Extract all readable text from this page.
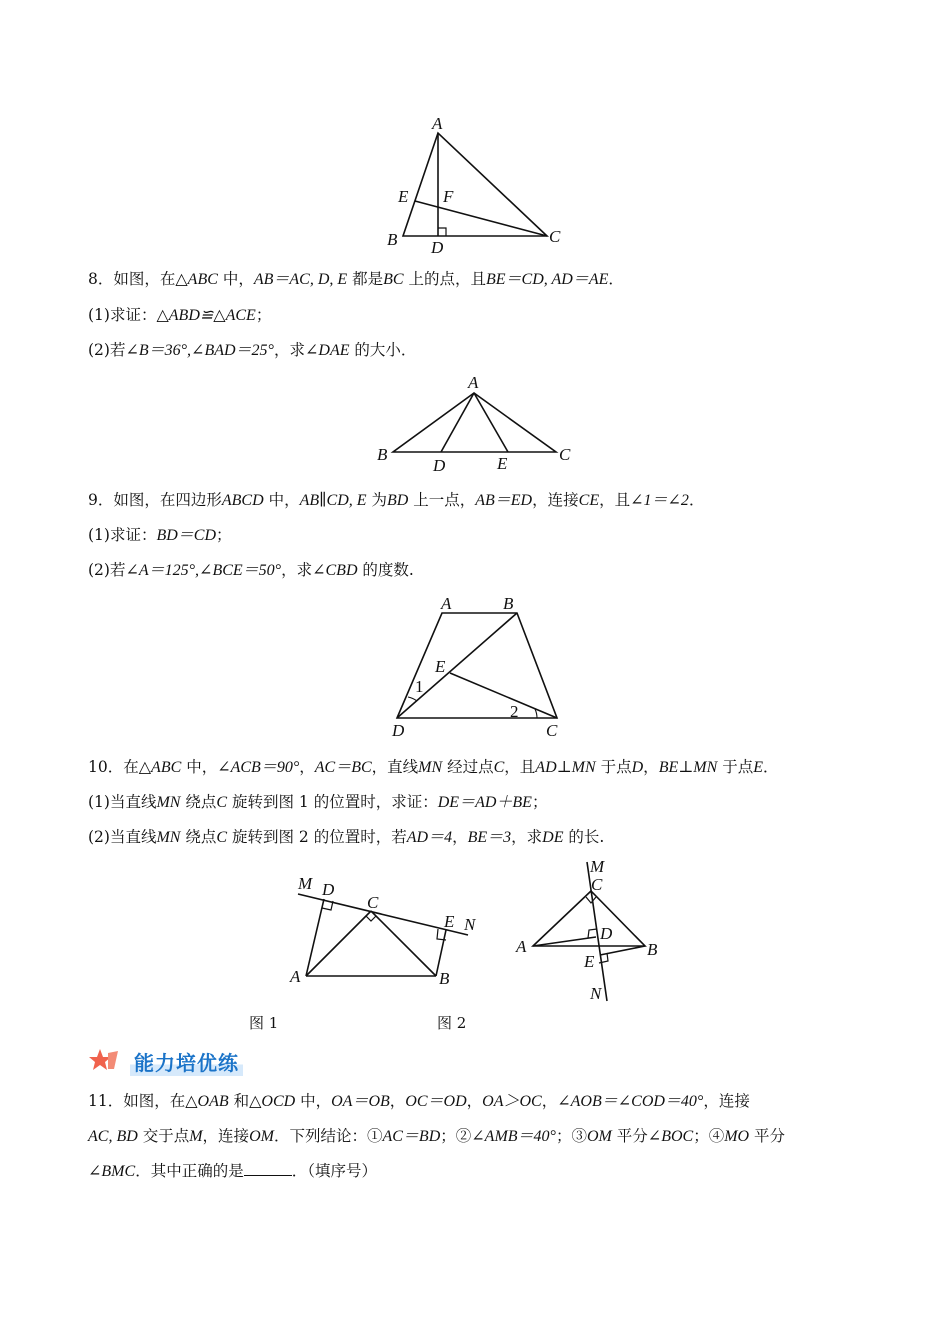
A
B	C
D
E F
8．如图，在△ABC 中，AB＝AC, D, E 都是BC 上的点，且BE＝CD, AD＝AE．
(1)求证：△ABD≌△ACE；
(2)若∠B＝36°,∠BAD＝25°，求∠DAE 的大小．
A
B	C
D	E
9．如图，在四边形ABCD 中，AB∥CD, E 为BD 上一点，AB＝ED，连接CE，且∠1＝∠2．
(1)求证：BD＝CD；
(2)若∠A＝125°,∠BCE＝50°，求∠CBD 的度数.
A	B
C
D
E
1
2
10．在△ABC 中，∠ACB＝90°，AC＝BC，直线MN 经过点C，且AD⊥MN 于点D，BE⊥MN 于点E．
(1)当直线MN 绕点C 旋转到图 1 的位置时，求证：DE＝AD＋BE；
(2)当直线MN 绕点C 旋转到图 2 的位置时，若AD＝4，BE＝3，求DE 的长.
M D
C
E N
A	B
图 1
M
C
D
A	B
E
N
图 2
能力培优练
11．如图，在△OAB 和△OCD 中，OA＝OB，OC＝OD，OA＞OC，∠AOB＝∠COD＝40°，连接
AC, BD 交于点M，连接OM．下列结论：①AC＝BD；②∠AMB＝40°；③OM 平分∠BOC；④MO 平分
∠BMC．其中正确的是	．（填序号）
